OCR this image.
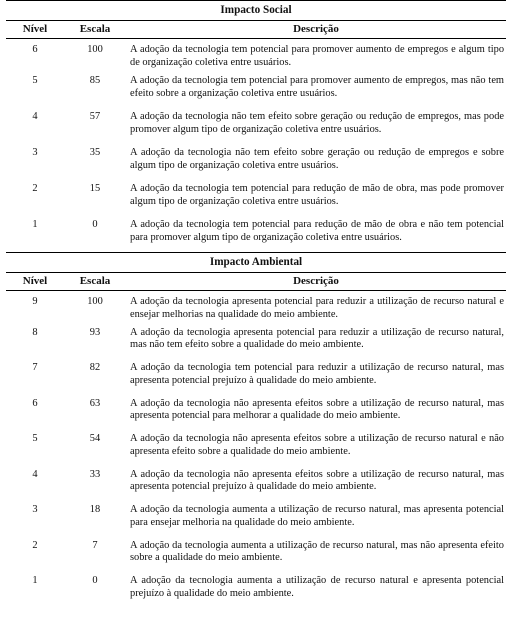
Impacto Social		
Nível	Escala	Descrição
6	100	A adoção da tecnologia tem potencial para promover aumento de empregos e algum tipo de organização coletiva entre usuários.
5	85	A adoção da tecnologia tem potencial para promover aumento de empregos, mas não tem efeito sobre a organização coletiva entre usuários.
4	57	A adoção da tecnologia não tem efeito sobre geração ou redução de empregos, mas pode promover algum tipo de organização coletiva entre usuários.
3	35	A adoção da tecnologia não tem efeito sobre geração ou redução de empregos e sobre algum tipo de organização coletiva entre usuários.
2	15	A adoção da tecnologia tem potencial para redução de mão de obra, mas pode promover algum tipo de organização coletiva entre usuários.
1	0	A adoção da tecnologia tem potencial para redução de mão de obra e não tem potencial para promover algum tipo de organização coletiva entre usuários.
Impacto Ambiental		
Nível	Escala	Descrição
9	100	A adoção da tecnologia apresenta potencial para reduzir a utilização de recurso natural e ensejar melhorias na qualidade do meio ambiente.
8	93	A adoção da tecnologia apresenta potencial para reduzir a utilização de recurso natural, mas não tem efeito sobre a qualidade do meio ambiente.
7	82	A adoção da tecnologia tem potencial para reduzir a utilização de recurso natural, mas apresenta potencial prejuízo à qualidade do meio ambiente.
6	63	A adoção da tecnologia não apresenta efeitos sobre a utilização de recurso natural, mas apresenta potencial para melhorar a qualidade do meio ambiente.
5	54	A adoção da tecnologia não apresenta efeitos sobre a utilização de recurso natural e não apresenta efeito sobre a qualidade do meio ambiente.
4	33	A adoção da tecnologia não apresenta efeitos sobre a utilização de recurso natural, mas apresenta potencial prejuízo à qualidade do meio ambiente.
3	18	A adoção da tecnologia aumenta a utilização de recurso natural, mas apresenta potencial para ensejar melhoria na qualidade do meio ambiente.
2	7	A adoção da tecnologia aumenta a utilização de recurso natural, mas não apresenta efeito sobre a qualidade do meio ambiente.
1	0	A adoção da tecnologia aumenta a utilização de recurso natural e apresenta potencial prejuízo à qualidade do meio ambiente.
